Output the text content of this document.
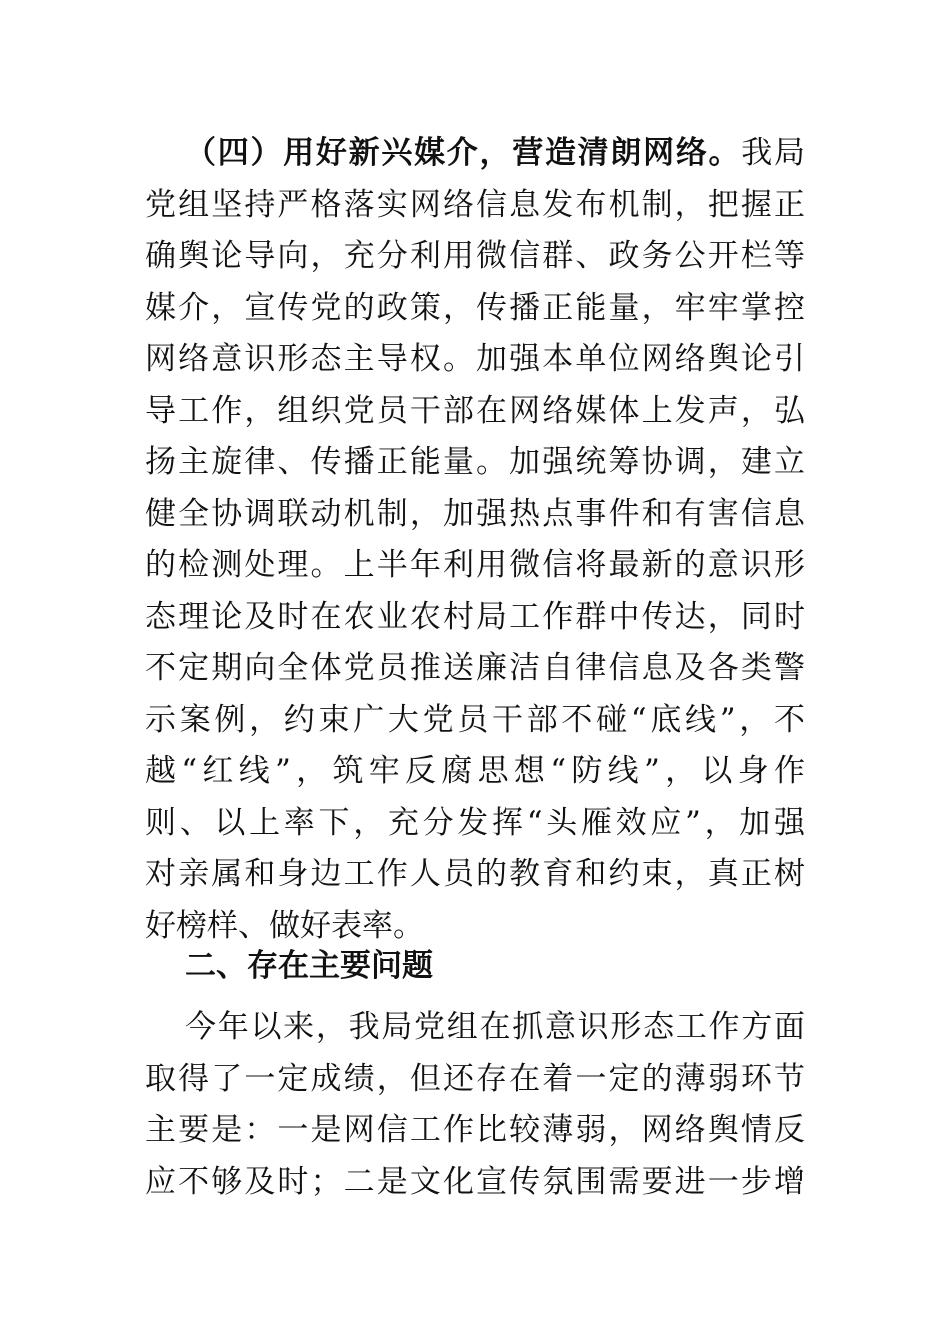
（四）用好新兴媒介，营造清朗网络。我局
党组坚持严格落实网络信息发布机制，把握正
确舆论导向，充分利用微信群、政务公开栏等
媒介，宣传党的政策，传播正能量，牢牢掌控
网络意识形态主导权。加强本单位网络舆论引
导工作，组织党员干部在网络媒体上发声，弘
扬主旋律、传播正能量。加强统筹协调，建立
健全协调联动机制，加强热点事件和有害信息
的检测处理。上半年利用微信将最新的意识形
态理论及时在农业农村局工作群中传达，同时
不定期向全体党员推送廉洁自律信息及各类警
示案例，约束广大党员干部不碰“底线”，不
越“红线”，筑牢反腐思想“防线”，以身作
则、以上率下，充分发挥“头雁效应”，加强
对亲属和身边工作人员的教育和约束，真正树
好榜样、做好表率。
二、存在主要问题
今年以来，我局党组在抓意识形态工作方面
取得了一定成绩，但还存在着一定的薄弱环节
主要是：一是网信工作比较薄弱，网络舆情反
应不够及时；二是文化宣传氛围需要进一步增
